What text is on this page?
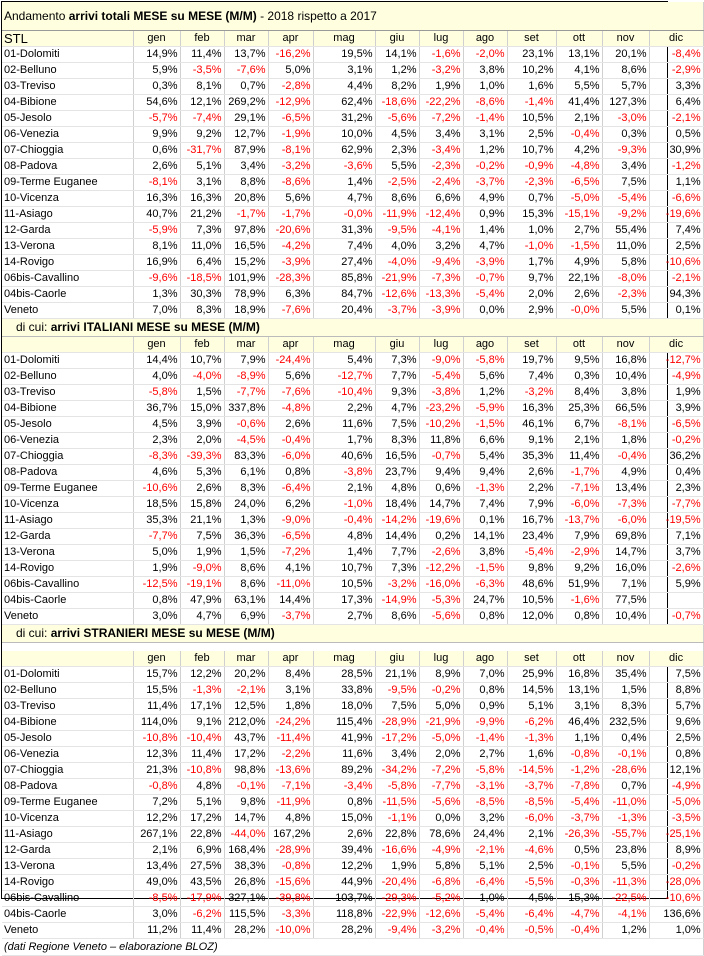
Andamento arrivi totali MESE su MESE (M/M) - 2018 rispetto a 2017												
STL	gen	feb	mar	apr	mag	giu	lug	ago	set	ott	nov	dic
01-Dolomiti	14,9%	11,4%	13,7%	-16,2%	19,5%	14,1%	-1,6%	-2,0%	23,1%	13,1%	20,1%	-8,4%
02-Belluno	5,9%	-3,5%	-7,6%	5,0%	3,1%	1,2%	-3,2%	3,8%	10,2%	4,1%	8,6%	-2,9%
03-Treviso	0,3%	8,1%	0,7%	-2,8%	4,4%	8,2%	1,9%	1,0%	1,6%	5,5%	5,7%	3,3%
04-Bibione	54,6%	12,1%	269,2%	-12,9%	62,4%	-18,6%	-22,2%	-8,6%	-1,4%	41,4%	127,3%	6,4%
05-Jesolo	-5,7%	-7,4%	29,1%	-6,5%	31,2%	-5,6%	-7,2%	-1,4%	10,5%	2,1%	-3,0%	-2,1%
06-Venezia	9,9%	9,2%	12,7%	-1,9%	10,0%	4,5%	3,4%	3,1%	2,5%	-0,4%	0,3%	0,5%
07-Chioggia	0,6%	-31,7%	87,9%	-8,1%	62,9%	2,3%	-3,4%	1,2%	10,7%	4,2%	-9,3%	30,9%
08-Padova	2,6%	5,1%	3,4%	-3,2%	-3,6%	5,5%	-2,3%	-0,2%	-0,9%	-4,8%	3,4%	-1,2%
09-Terme Euganee	-8,1%	3,1%	8,8%	-8,6%	1,4%	-2,5%	-2,4%	-3,7%	-2,3%	-6,5%	7,5%	1,1%
10-Vicenza	16,3%	16,3%	20,8%	5,6%	4,7%	8,6%	6,6%	4,9%	0,7%	-5,0%	-5,4%	-6,6%
11-Asiago	40,7%	21,2%	-1,7%	-1,7%	-0,0%	-11,9%	-12,4%	0,9%	15,3%	-15,1%	-9,2%	-19,6%
12-Garda	-5,9%	7,3%	97,8%	-20,6%	31,3%	-9,5%	-4,1%	1,4%	1,0%	2,7%	55,4%	7,4%
13-Verona	8,1%	11,0%	16,5%	-4,2%	7,4%	4,0%	3,2%	4,7%	-1,0%	-1,5%	11,0%	2,5%
14-Rovigo	16,9%	6,4%	15,2%	-3,9%	27,4%	-4,0%	-9,4%	-3,9%	1,7%	4,9%	5,8%	-10,6%
06bis-Cavallino	-9,6%	-18,5%	101,9%	-28,3%	85,8%	-21,9%	-7,3%	-0,7%	9,7%	22,1%	-8,0%	-2,1%
04bis-Caorle	1,3%	30,3%	78,9%	6,3%	84,7%	-12,6%	-13,3%	-5,4%	2,0%	2,6%	-2,3%	94,3%
Veneto	7,0%	8,3%	18,9%	-7,6%	20,4%	-3,7%	-3,9%	0,0%	2,9%	-0,0%	5,5%	0,1%
di cui: arrivi ITALIANI MESE su MESE (M/M)												
	gen	feb	mar	apr	mag	giu	lug	ago	set	ott	nov	dic
01-Dolomiti	14,4%	10,7%	7,9%	-24,4%	5,4%	7,3%	-9,0%	-5,8%	19,7%	9,5%	16,8%	-12,7%
02-Belluno	4,0%	-4,0%	-8,9%	5,6%	-12,7%	7,7%	-5,4%	5,6%	7,4%	0,3%	10,4%	-4,9%
03-Treviso	-5,8%	1,5%	-7,7%	-7,6%	-10,4%	9,3%	-3,8%	1,2%	-3,2%	8,4%	3,8%	1,9%
04-Bibione	36,7%	15,0%	337,8%	-4,8%	2,2%	4,7%	-23,2%	-5,9%	16,3%	25,3%	66,5%	3,9%
05-Jesolo	4,5%	3,9%	-0,6%	2,6%	11,6%	7,5%	-10,2%	-1,5%	46,1%	6,7%	-8,1%	-6,5%
06-Venezia	2,3%	2,0%	-4,5%	-0,4%	1,7%	8,3%	11,8%	6,6%	9,1%	2,1%	1,8%	-0,2%
07-Chioggia	-8,3%	-39,3%	83,3%	-6,0%	40,6%	16,5%	-0,7%	5,4%	35,3%	11,4%	-0,4%	36,2%
08-Padova	4,6%	5,3%	6,1%	0,8%	-3,8%	23,7%	9,4%	9,4%	2,6%	-1,7%	4,9%	0,4%
09-Terme Euganee	-10,6%	2,6%	8,3%	-6,4%	2,1%	4,8%	0,6%	-1,3%	2,2%	-7,1%	13,4%	2,3%
10-Vicenza	18,5%	15,8%	24,0%	6,2%	-1,0%	18,4%	14,7%	7,4%	7,9%	-6,0%	-7,3%	-7,7%
11-Asiago	35,3%	21,1%	1,3%	-9,0%	-0,4%	-14,2%	-19,6%	0,1%	16,7%	-13,7%	-6,0%	-19,5%
12-Garda	-7,7%	7,5%	36,3%	-6,5%	4,8%	14,4%	0,2%	14,1%	23,4%	7,9%	69,8%	7,1%
13-Verona	5,0%	1,9%	1,5%	-7,2%	1,4%	7,7%	-2,6%	3,8%	-5,4%	-2,9%	14,7%	3,7%
14-Rovigo	1,9%	-9,0%	8,6%	4,1%	10,7%	7,3%	-12,2%	-1,5%	9,8%	9,2%	16,0%	-2,6%
06bis-Cavallino	-12,5%	-19,1%	8,6%	-11,0%	10,5%	-3,2%	-16,0%	-6,3%	48,6%	51,9%	7,1%	5,9%
04bis-Caorle	0,8%	47,9%	63,1%	14,4%	17,3%	-14,9%	-5,3%	24,7%	10,5%	-1,6%	77,5%	
Veneto	3,0%	4,7%	6,9%	-3,7%	2,7%	8,6%	-5,6%	0,8%	12,0%	0,8%	10,4%	-0,7%
di cui: arrivi STRANIERI MESE su MESE (M/M)												

	gen	feb	mar	apr	mag	giu	lug	ago	set	ott	nov	dic
01-Dolomiti	15,7%	12,2%	20,2%	8,4%	28,5%	21,1%	8,9%	7,0%	25,9%	16,8%	35,4%	7,5%
02-Belluno	15,5%	-1,3%	-2,1%	3,1%	33,8%	-9,5%	-0,2%	0,8%	14,5%	13,1%	1,5%	8,8%
03-Treviso	11,4%	17,1%	12,5%	1,8%	18,0%	7,5%	5,0%	0,9%	5,1%	3,1%	8,3%	5,7%
04-Bibione	114,0%	9,1%	212,0%	-24,2%	115,4%	-28,9%	-21,9%	-9,9%	-6,2%	46,4%	232,5%	9,6%
05-Jesolo	-10,8%	-10,4%	43,7%	-11,4%	41,9%	-17,2%	-5,0%	-1,4%	-1,3%	1,1%	0,4%	2,5%
06-Venezia	12,3%	11,4%	17,2%	-2,2%	11,6%	3,4%	2,0%	2,7%	1,6%	-0,8%	-0,1%	0,8%
07-Chioggia	21,3%	-10,8%	98,8%	-13,6%	89,2%	-34,2%	-7,2%	-5,8%	-14,5%	-1,2%	-28,6%	12,1%
08-Padova	-0,8%	4,8%	-0,1%	-7,1%	-3,4%	-5,8%	-7,7%	-3,1%	-3,7%	-7,8%	0,7%	-4,9%
09-Terme Euganee	7,2%	5,1%	9,8%	-11,9%	0,8%	-11,5%	-5,6%	-8,5%	-8,5%	-5,4%	-11,0%	-5,0%
10-Vicenza	12,2%	17,2%	14,7%	4,8%	15,0%	-1,1%	0,0%	3,2%	-6,0%	-3,7%	-1,3%	-3,5%
11-Asiago	267,1%	22,8%	-44,0%	167,2%	2,6%	22,8%	78,6%	24,4%	2,1%	-26,3%	-55,7%	-25,1%
12-Garda	2,1%	6,9%	168,4%	-28,9%	39,4%	-16,6%	-4,9%	-2,1%	-4,6%	0,5%	23,8%	8,9%
13-Verona	13,4%	27,5%	38,3%	-0,8%	12,2%	1,9%	5,8%	5,1%	2,5%	-0,1%	5,5%	-0,2%
14-Rovigo	49,0%	43,5%	26,8%	-15,6%	44,9%	-20,4%	-6,8%	-6,4%	-5,5%	-0,3%	-11,3%	-28,0%
06bis-Cavallino	-8,5%	-17,9%	327,1%	-39,8%	103,7%	-29,3%	-5,2%	1,0%	4,5%	15,3%	-22,5%	-10,6%
04bis-Caorle	3,0%	-6,2%	115,5%	-3,3%	118,8%	-22,9%	-12,6%	-5,4%	-6,4%	-4,7%	-4,1%	136,6%
Veneto	11,2%	11,4%	28,2%	-10,0%	28,2%	-9,4%	-3,2%	-0,4%	-0,5%	-0,4%	1,2%	1,0%
(dati Regione Veneto – elaborazione BLOZ)												
